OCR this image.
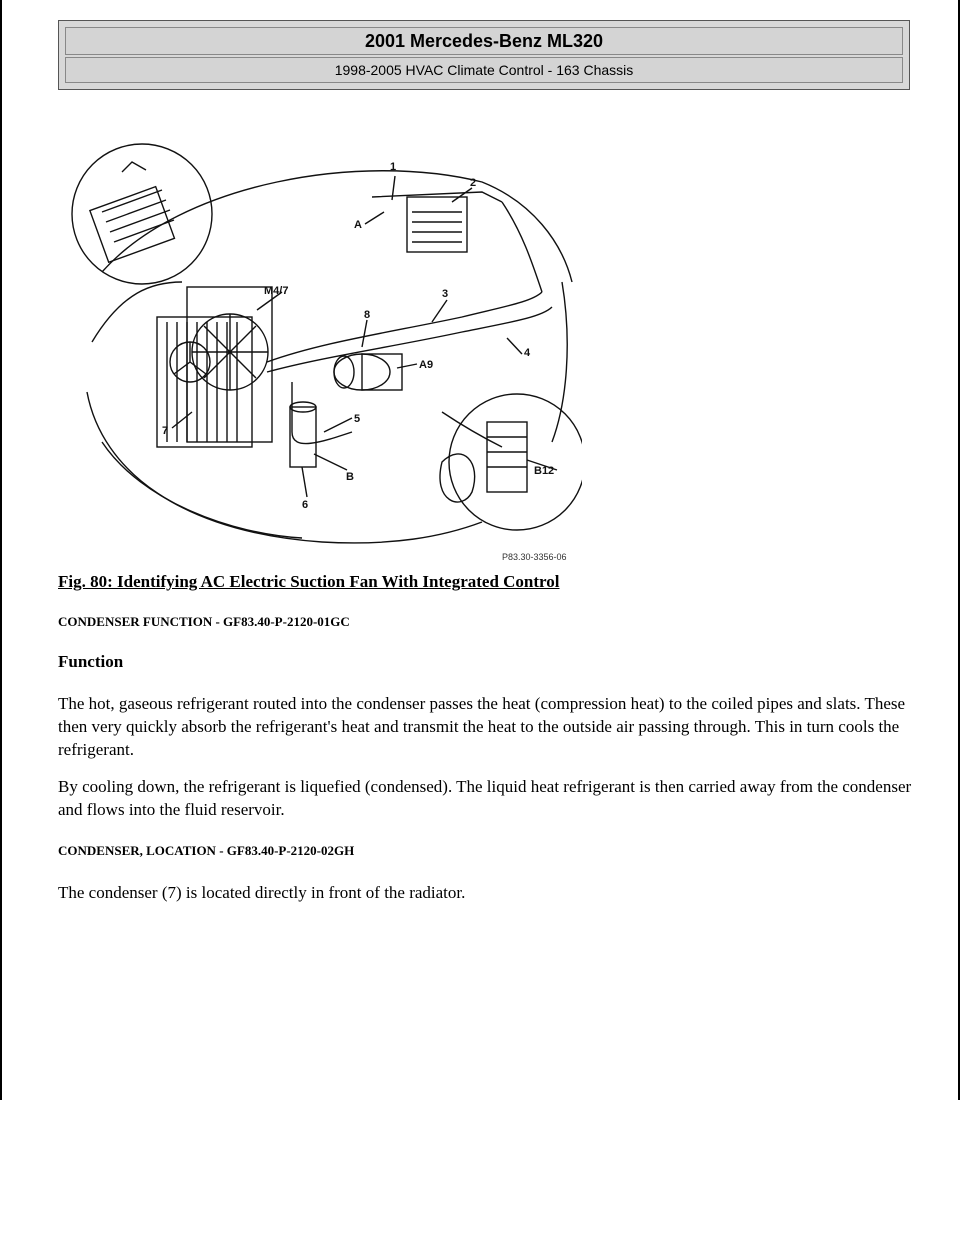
2001 Mercedes-Benz ML320
1998-2005 HVAC Climate Control - 163 Chassis
1
2
A
M4/7	3
8
4
A9
5
7
B
6
B12
P83.30-3356-06

Fig. 80: Identifying AC Electric Suction Fan With Integrated Control

CONDENSER FUNCTION - GF83.40-P-2120-01GC

Function

The hot, gaseous refrigerant routed into the condenser passes the heat (compression heat) to the coiled pipes and slats. These then very quickly absorb the refrigerant's heat and transmit the heat to the outside air passing through. This in turn cools the refrigerant.

By cooling down, the refrigerant is liquefied (condensed). The liquid heat refrigerant is then carried away from the condenser and flows into the fluid reservoir.

CONDENSER, LOCATION - GF83.40-P-2120-02GH

The condenser (7) is located directly in front of the radiator.
